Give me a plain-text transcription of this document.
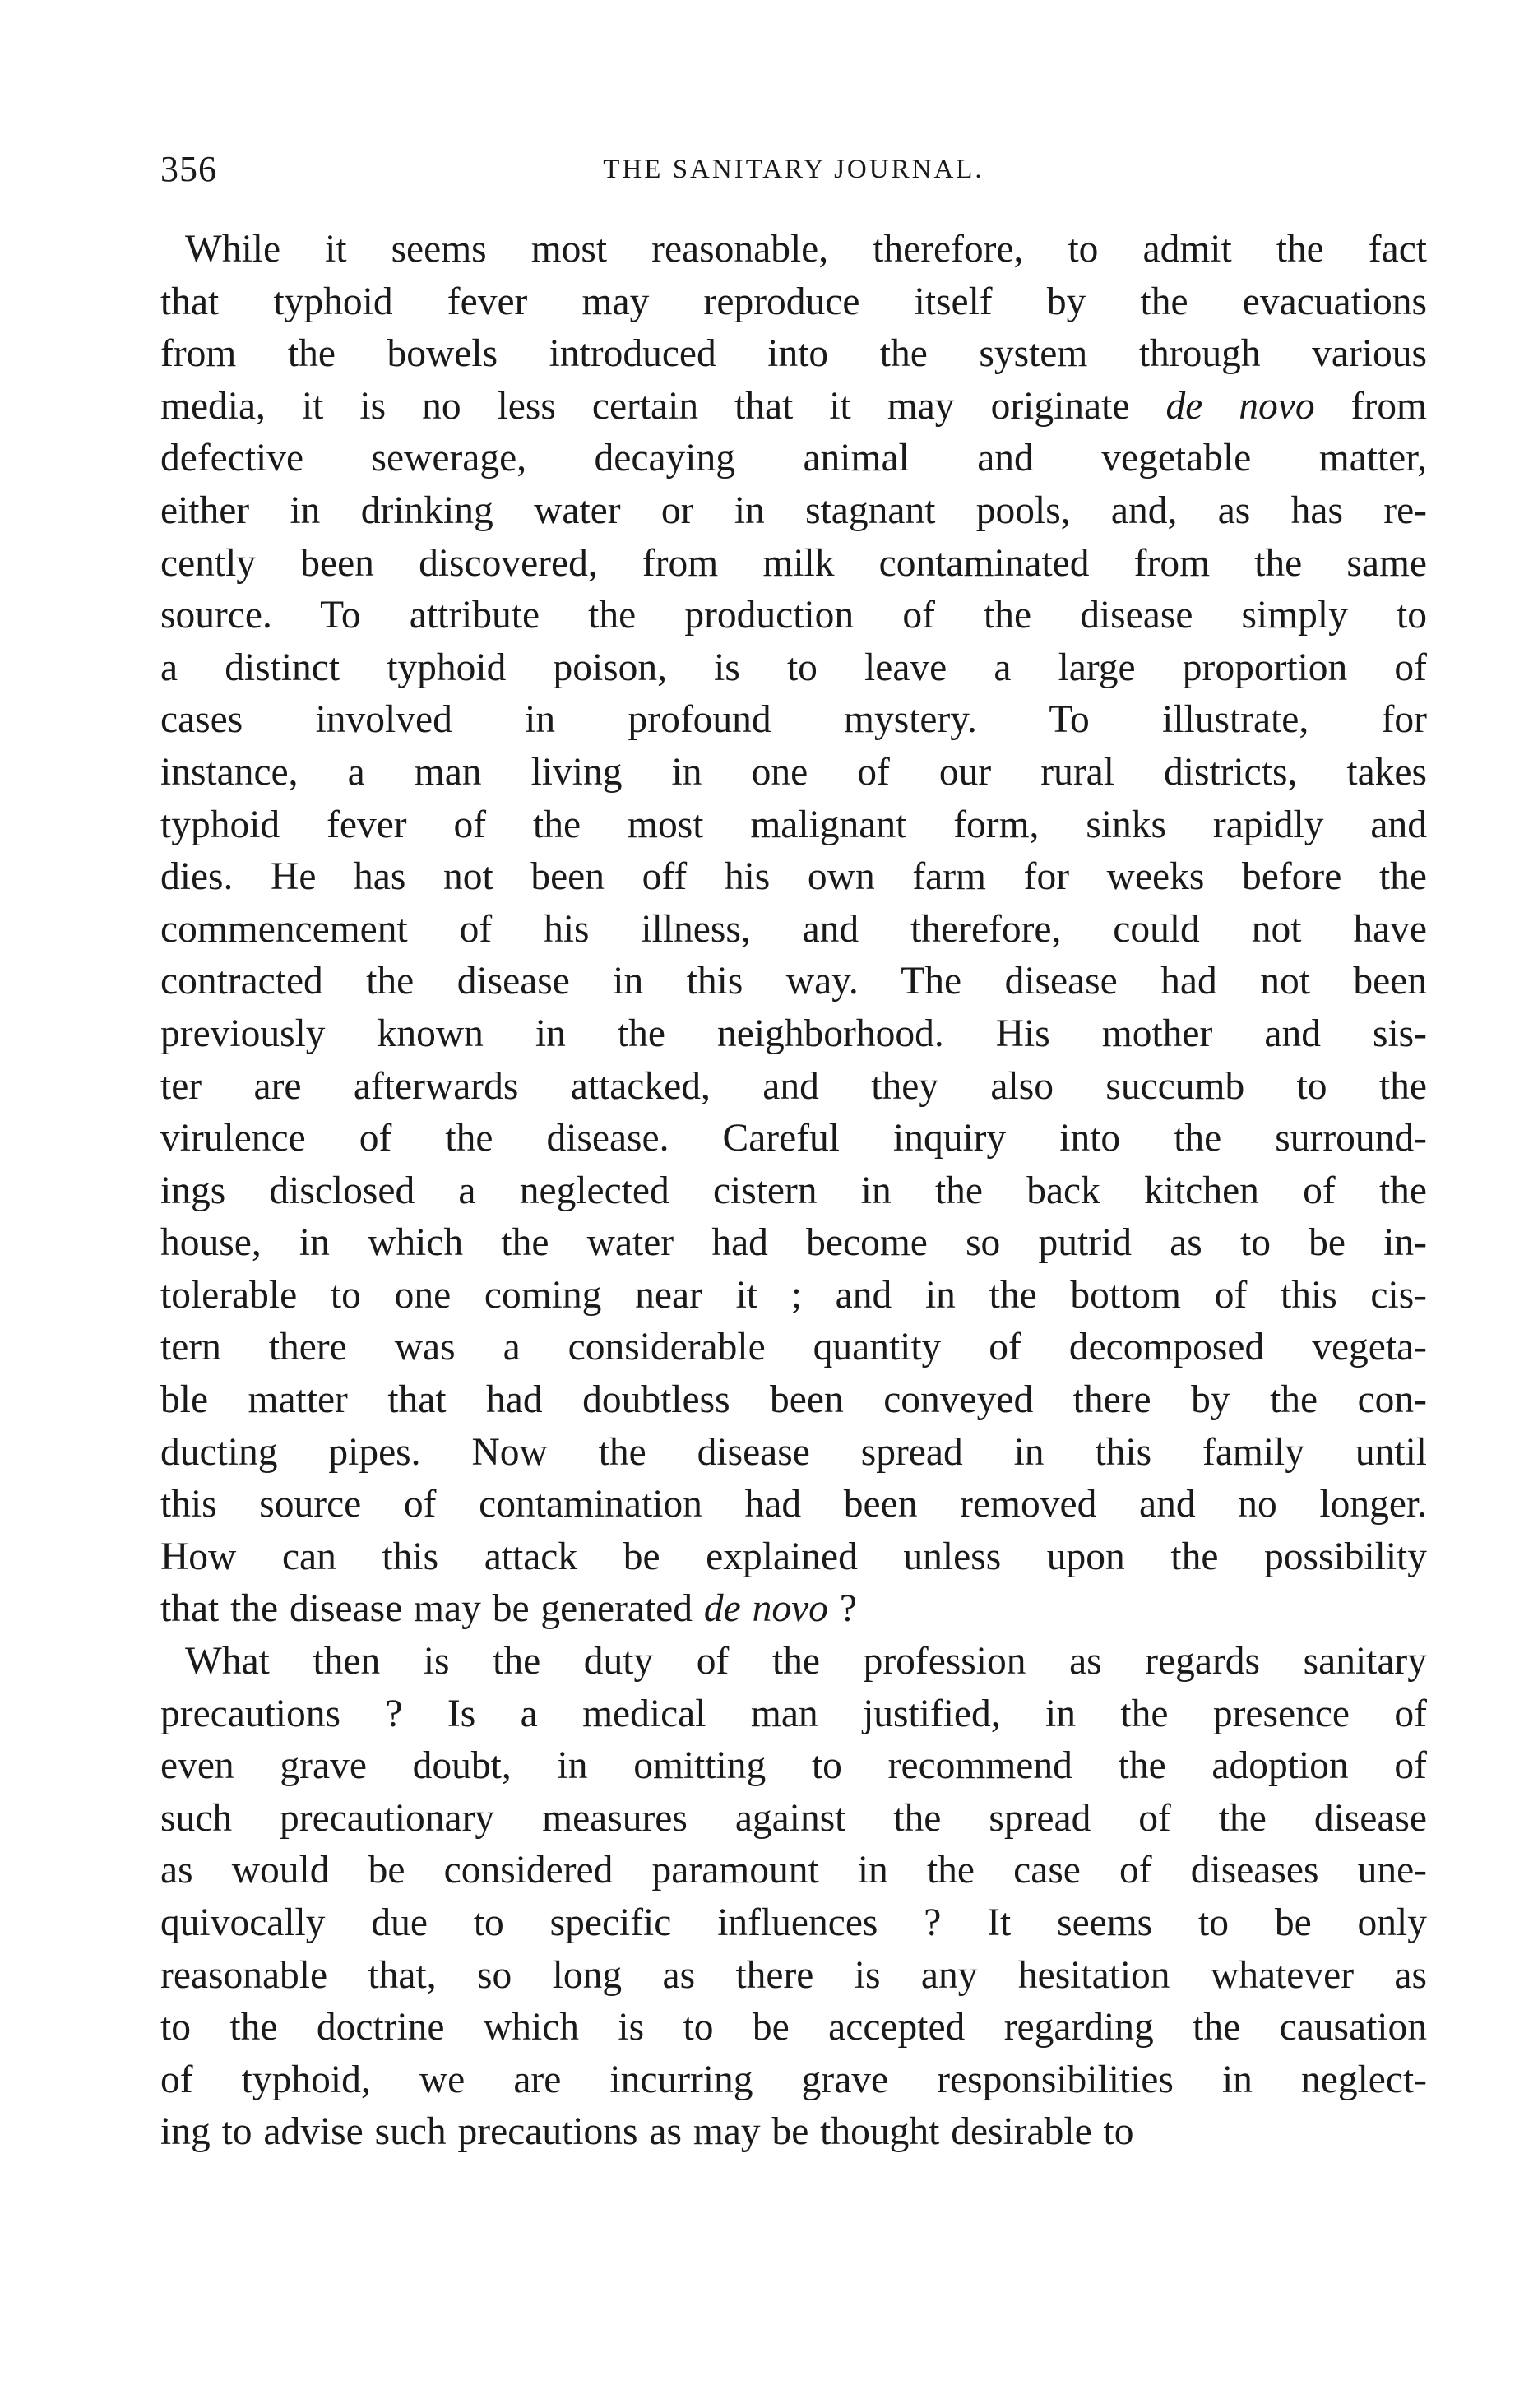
356	THE SANITARY JOURNAL.
While it seems most reasonable, therefore, to admit the fact
that typhoid fever may reproduce itself by the evacuations
from the bowels introduced into the system through various
media, it is no less certain that it may originate de novo from
defective sewerage, decaying animal and vegetable matter,
either in drinking water or in stagnant pools, and, as has re-
cently been discovered, from milk contaminated from the same
source. To attribute the production of the disease simply to
a distinct typhoid poison, is to leave a large proportion of
cases involved in profound mystery. To illustrate, for
instance, a man living in one of our rural districts, takes
typhoid fever of the most malignant form, sinks rapidly and
dies. He has not been off his own farm for weeks before the
commencement of his illness, and therefore, could not have
contracted the disease in this way. The disease had not been
previously known in the neighborhood. His mother and sis-
ter are afterwards attacked, and they also succumb to the
virulence of the disease. Careful inquiry into the surround-
ings disclosed a neglected cistern in the back kitchen of the
house, in which the water had become so putrid as to be in-
tolerable to one coming near it ; and in the bottom of this cis-
tern there was a considerable quantity of decomposed vegeta-
ble matter that had doubtless been conveyed there by the con-
ducting pipes. Now the disease spread in this family until
this source of contamination had been removed and no longer.
How can this attack be explained unless upon the possibility
that the disease may be generated de novo ?
What then is the duty of the profession as regards sanitary
precautions ? Is a medical man justified, in the presence of
even grave doubt, in omitting to recommend the adoption of
such precautionary measures against the spread of the disease
as would be considered paramount in the case of diseases une-
quivocally due to specific influences ? It seems to be only
reasonable that, so long as there is any hesitation whatever as
to the doctrine which is to be accepted regarding the causation
of typhoid, we are incurring grave responsibilities in neglect-
ing to advise such precautions as may be thought desirable to
